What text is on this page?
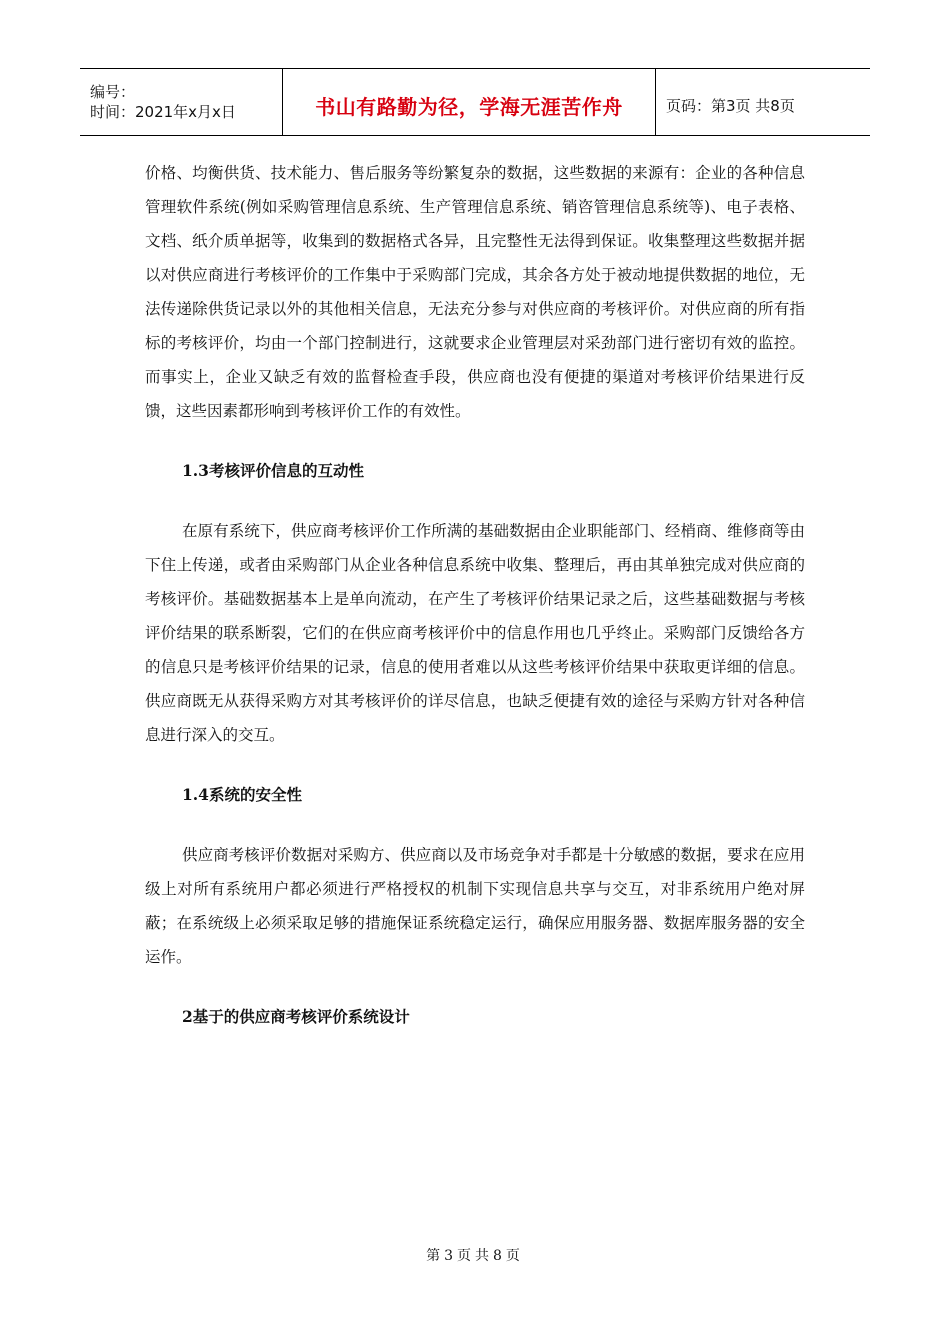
编号：
时间：2021年x月x日	书山有路勤为径，学海无涯苦作舟	页码：第3页 共8页

价格、均衡供货、技术能力、售后服务等纷繁复杂的数据，这些数据的来源有：企业的各种信息管理软件系统(例如采购管理信息系统、生产管理信息系统、销咨管理信息系统等)、电子表格、文档、纸介质单据等，收集到的数据格式各异，且完整性无法得到保证。收集整理这些数据并据以对供应商进行考核评价的工作集中于采购部门完成，其余各方处于被动地提供数据的地位，无法传递除供货记录以外的其他相关信息，无法充分参与对供应商的考核评价。对供应商的所有指标的考核评价，均由一个部门控制进行，这就要求企业管理层对采劲部门进行密切有效的监控。而事实上，企业又缺乏有效的监督检查手段，供应商也没有便捷的渠道对考核评价结果进行反馈，这些因素都形响到考核评价工作的有效性。

1.3考核评价信息的互动性

在原有系统下，供应商考核评价工作所满的基础数据由企业职能部门、经梢商、维修商等由下住上传递，或者由采购部门从企业各种信息系统中收集、整理后，再由其单独完成对供应商的考核评价。基础数据基本上是单向流动，在产生了考核评价结果记录之后，这些基础数据与考核评价结果的联系断裂，它们的在供应商考核评价中的信息作用也几乎终止。采购部门反馈给各方的信息只是考核评价结果的记录，信息的使用者难以从这些考核评价结果中获取更详细的信息。供应商既无从获得采购方对其考核评价的详尽信息，也缺乏便捷有效的途径与采购方针对各种信息进行深入的交互。

1.4系统的安全性

供应商考核评价数据对采购方、供应商以及市场竞争对手都是十分敏感的数据，要求在应用级上对所有系统用户都必须进行严格授权的机制下实现信息共享与交互，对非系统用户绝对屏蔽；在系统级上必须采取足够的措施保证系统稳定运行，确保应用服务器、数据库服务器的安全运作。

2基于的供应商考核评价系统设计

第3页共8页
